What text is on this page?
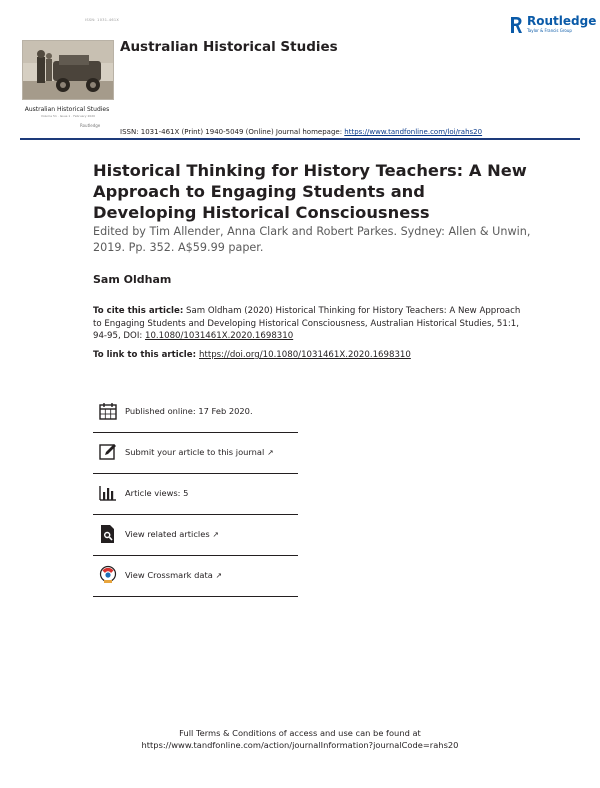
ISSN: 1031-461X
Australian Historical Studies
Volume 51 · Issue 1 · February 2020
Routledge
Australian Historical Studies
Routledge
Taylor & Francis Group
ISSN: 1031-461X (Print) 1940-5049 (Online) Journal homepage: https://www.tandfonline.com/loi/rahs20
Historical Thinking for History Teachers: A New Approach to Engaging Students and Developing Historical Consciousness
Edited by Tim Allender, Anna Clark and Robert Parkes. Sydney: Allen & Unwin, 2019. Pp. 352. A$59.99 paper.
Sam Oldham
To cite this article: Sam Oldham (2020) Historical Thinking for History Teachers: A New Approach to Engaging Students and Developing Historical Consciousness, Australian Historical Studies, 51:1, 94-95, DOI: 10.1080/1031461X.2020.1698310
To link to this article: https://doi.org/10.1080/1031461X.2020.1698310
Published online: 17 Feb 2020.
Submit your article to this journal ↗
Article views: 5
View related articles ↗
View Crossmark data ↗
Full Terms & Conditions of access and use can be found at
https://www.tandfonline.com/action/journalInformation?journalCode=rahs20
